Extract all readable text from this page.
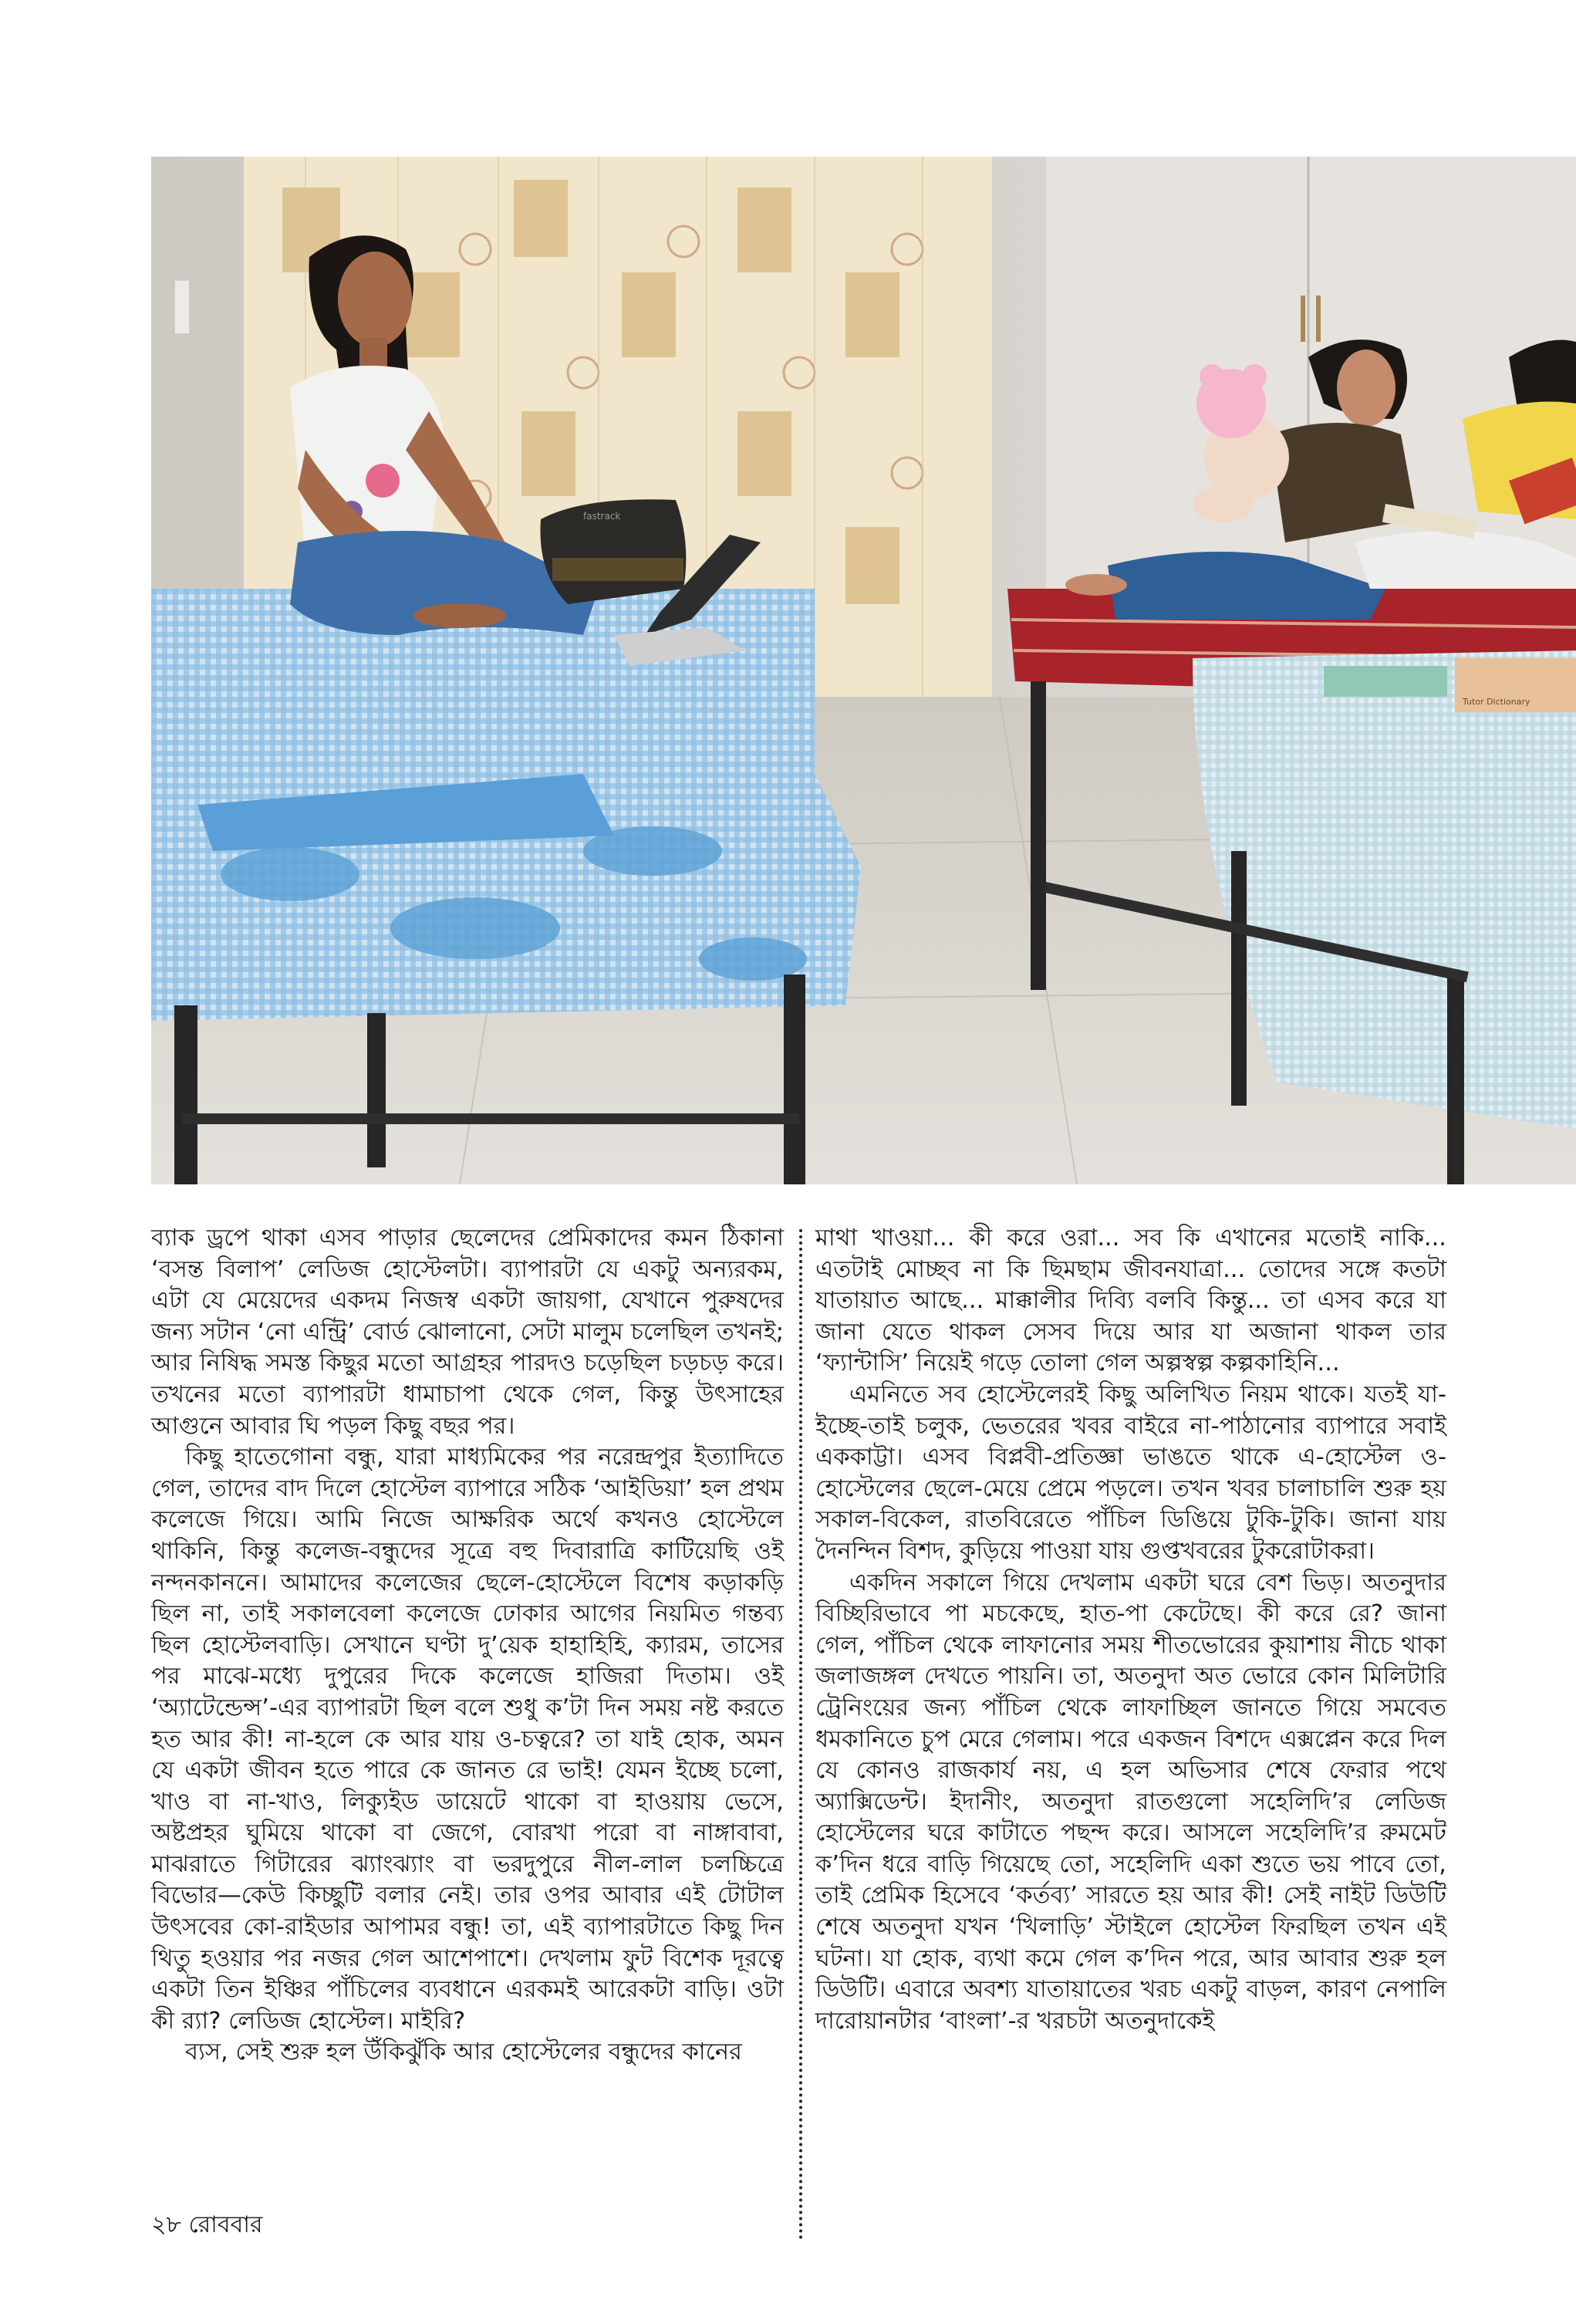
fastrack
Tutor Dictionary

ব্যাক ড্রপে থাকা এসব পাড়ার ছেলেদের প্রেমিকাদের কমন ঠিকানা ‘বসন্ত বিলাপ’ লেডিজ হোস্টেলটা। ব্যাপারটা যে একটু অন্যরকম, এটা যে মেয়েদের একদম নিজস্ব একটা জায়গা, যেখানে পুরুষদের জন্য সটান ‘নো এন্ট্রি’ বোর্ড ঝোলানো, সেটা মালুম চলেছিল তখনই; আর নিষিদ্ধ সমস্ত কিছুর মতো আগ্রহর পারদও চড়েছিল চড়চড় করে। তখনের মতো ব্যাপারটা ধামাচাপা থেকে গেল, কিন্তু উৎসাহের আগুনে আবার ঘি পড়ল কিছু বছর পর।

কিছু হাতেগোনা বন্ধু, যারা মাধ্যমিকের পর নরেন্দ্রপুর ইত্যাদিতে গেল, তাদের বাদ দিলে হোস্টেল ব্যাপারে সঠিক ‘আইডিয়া’ হল প্রথম কলেজে গিয়ে। আমি নিজে আক্ষরিক অর্থে কখনও হোস্টেলে থাকিনি, কিন্তু কলেজ-বন্ধুদের সূত্রে বহু দিবারাত্রি কাটিয়েছি ওই নন্দনকাননে। আমাদের কলেজের ছেলে-হোস্টেলে বিশেষ কড়াকড়ি ছিল না, তাই সকালবেলা কলেজে ঢোকার আগের নিয়মিত গন্তব্য ছিল হোস্টেলবাড়ি। সেখানে ঘণ্টা দু’য়েক হাহাহিহি, ক্যারম, তাসের পর মাঝে-মধ্যে দুপুরের দিকে কলেজে হাজিরা দিতাম। ওই ‘অ্যাটেন্ডেন্স’-এর ব্যাপারটা ছিল বলে শুধু ক’টা দিন সময় নষ্ট করতে হত আর কী! না-হলে কে আর যায় ও-চত্বরে? তা যাই হোক, অমন যে একটা জীবন হতে পারে কে জানত রে ভাই! যেমন ইচ্ছে চলো, খাও বা না-খাও, লিক্যুইড ডায়েটে থাকো বা হাওয়ায় ভেসে, অষ্টপ্রহর ঘুমিয়ে থাকো বা জেগে, বোরখা পরো বা নাঙ্গাবাবা, মাঝরাতে গিটারের ঝ্যাংঝ্যাং বা ভরদুপুরে নীল-লাল চলচ্চিত্রে বিভোর—কেউ কিচ্ছুটি বলার নেই। তার ওপর আবার এই টোটাল উৎসবের কো-রাইডার আপামর বন্ধু! তা, এই ব্যাপারটাতে কিছু দিন থিতু হওয়ার পর নজর গেল আশেপাশে। দেখলাম ফুট বিশেক দূরত্বে একটা তিন ইঞ্চির পাঁচিলের ব্যবধানে এরকমই আরেকটা বাড়ি। ওটা কী র‍্যা? লেডিজ হোস্টেল। মাইরি?

ব্যস, সেই শুরু হল উঁকিঝুঁকি আর হোস্টেলের বন্ধুদের কানের

মাথা খাওয়া... কী করে ওরা... সব কি এখানের মতোই নাকি... এতটাই মোচ্ছব না কি ছিমছাম জীবনযাত্রা... তোদের সঙ্গে কতটা যাতায়াত আছে... মাক্কালীর দিব্যি বলবি কিন্তু... তা এসব করে যা জানা যেতে থাকল সেসব দিয়ে আর যা অজানা থাকল তার ‘ফ্যান্টাসি’ নিয়েই গড়ে তোলা গেল অল্পস্বল্প কল্পকাহিনি...

এমনিতে সব হোস্টেলেরই কিছু অলিখিত নিয়ম থাকে। যতই যা-ইচ্ছে-তাই চলুক, ভেতরের খবর বাইরে না-পাঠানোর ব্যাপারে সবাই এককাট্টা। এসব বিপ্লবী-প্রতিজ্ঞা ভাঙতে থাকে এ-হোস্টেল ও-হোস্টেলের ছেলে-মেয়ে প্রেমে পড়লে। তখন খবর চালাচালি শুরু হয় সকাল-বিকেল, রাতবিরেতে পাঁচিল ডিঙিয়ে টুকি-টুকি। জানা যায় দৈনন্দিন বিশদ, কুড়িয়ে পাওয়া যায় গুপ্তখবরের টুকরোটাকরা।

একদিন সকালে গিয়ে দেখলাম একটা ঘরে বেশ ভিড়। অতনুদার বিচ্ছিরিভাবে পা মচকেছে, হাত-পা কেটেছে। কী করে রে? জানা গেল, পাঁচিল থেকে লাফানোর সময় শীতভোরের কুয়াশায় নীচে থাকা জলাজঙ্গল দেখতে পায়নি। তা, অতনুদা অত ভোরে কোন মিলিটারি ট্রেনিংয়ের জন্য পাঁচিল থেকে লাফাচ্ছিল জানতে গিয়ে সমবেত ধমকানিতে চুপ মেরে গেলাম। পরে একজন বিশদে এক্সপ্লেন করে দিল যে কোনও রাজকার্য নয়, এ হল অভিসার শেষে ফেরার পথে অ্যাক্সিডেন্ট। ইদানীং, অতনুদা রাতগুলো সহেলিদি’র লেডিজ হোস্টেলের ঘরে কাটাতে পছন্দ করে। আসলে সহেলিদি’র রুমমেট ক’দিন ধরে বাড়ি গিয়েছে তো, সহেলিদি একা শুতে ভয় পাবে তো, তাই প্রেমিক হিসেবে ‘কর্তব্য’ সারতে হয় আর কী! সেই নাইট ডিউটি শেষে অতনুদা যখন ‘খিলাড়ি’ স্টাইলে হোস্টেল ফিরছিল তখন এই ঘটনা। যা হোক, ব্যথা কমে গেল ক’দিন পরে, আর আবার শুরু হল ডিউটি। এবারে অবশ্য যাতায়াতের খরচ একটু বাড়ল, কারণ নেপালি দারোয়ানটার ‘বাংলা’-র খরচটা অতনুদাকেই

২৮ রোববার
